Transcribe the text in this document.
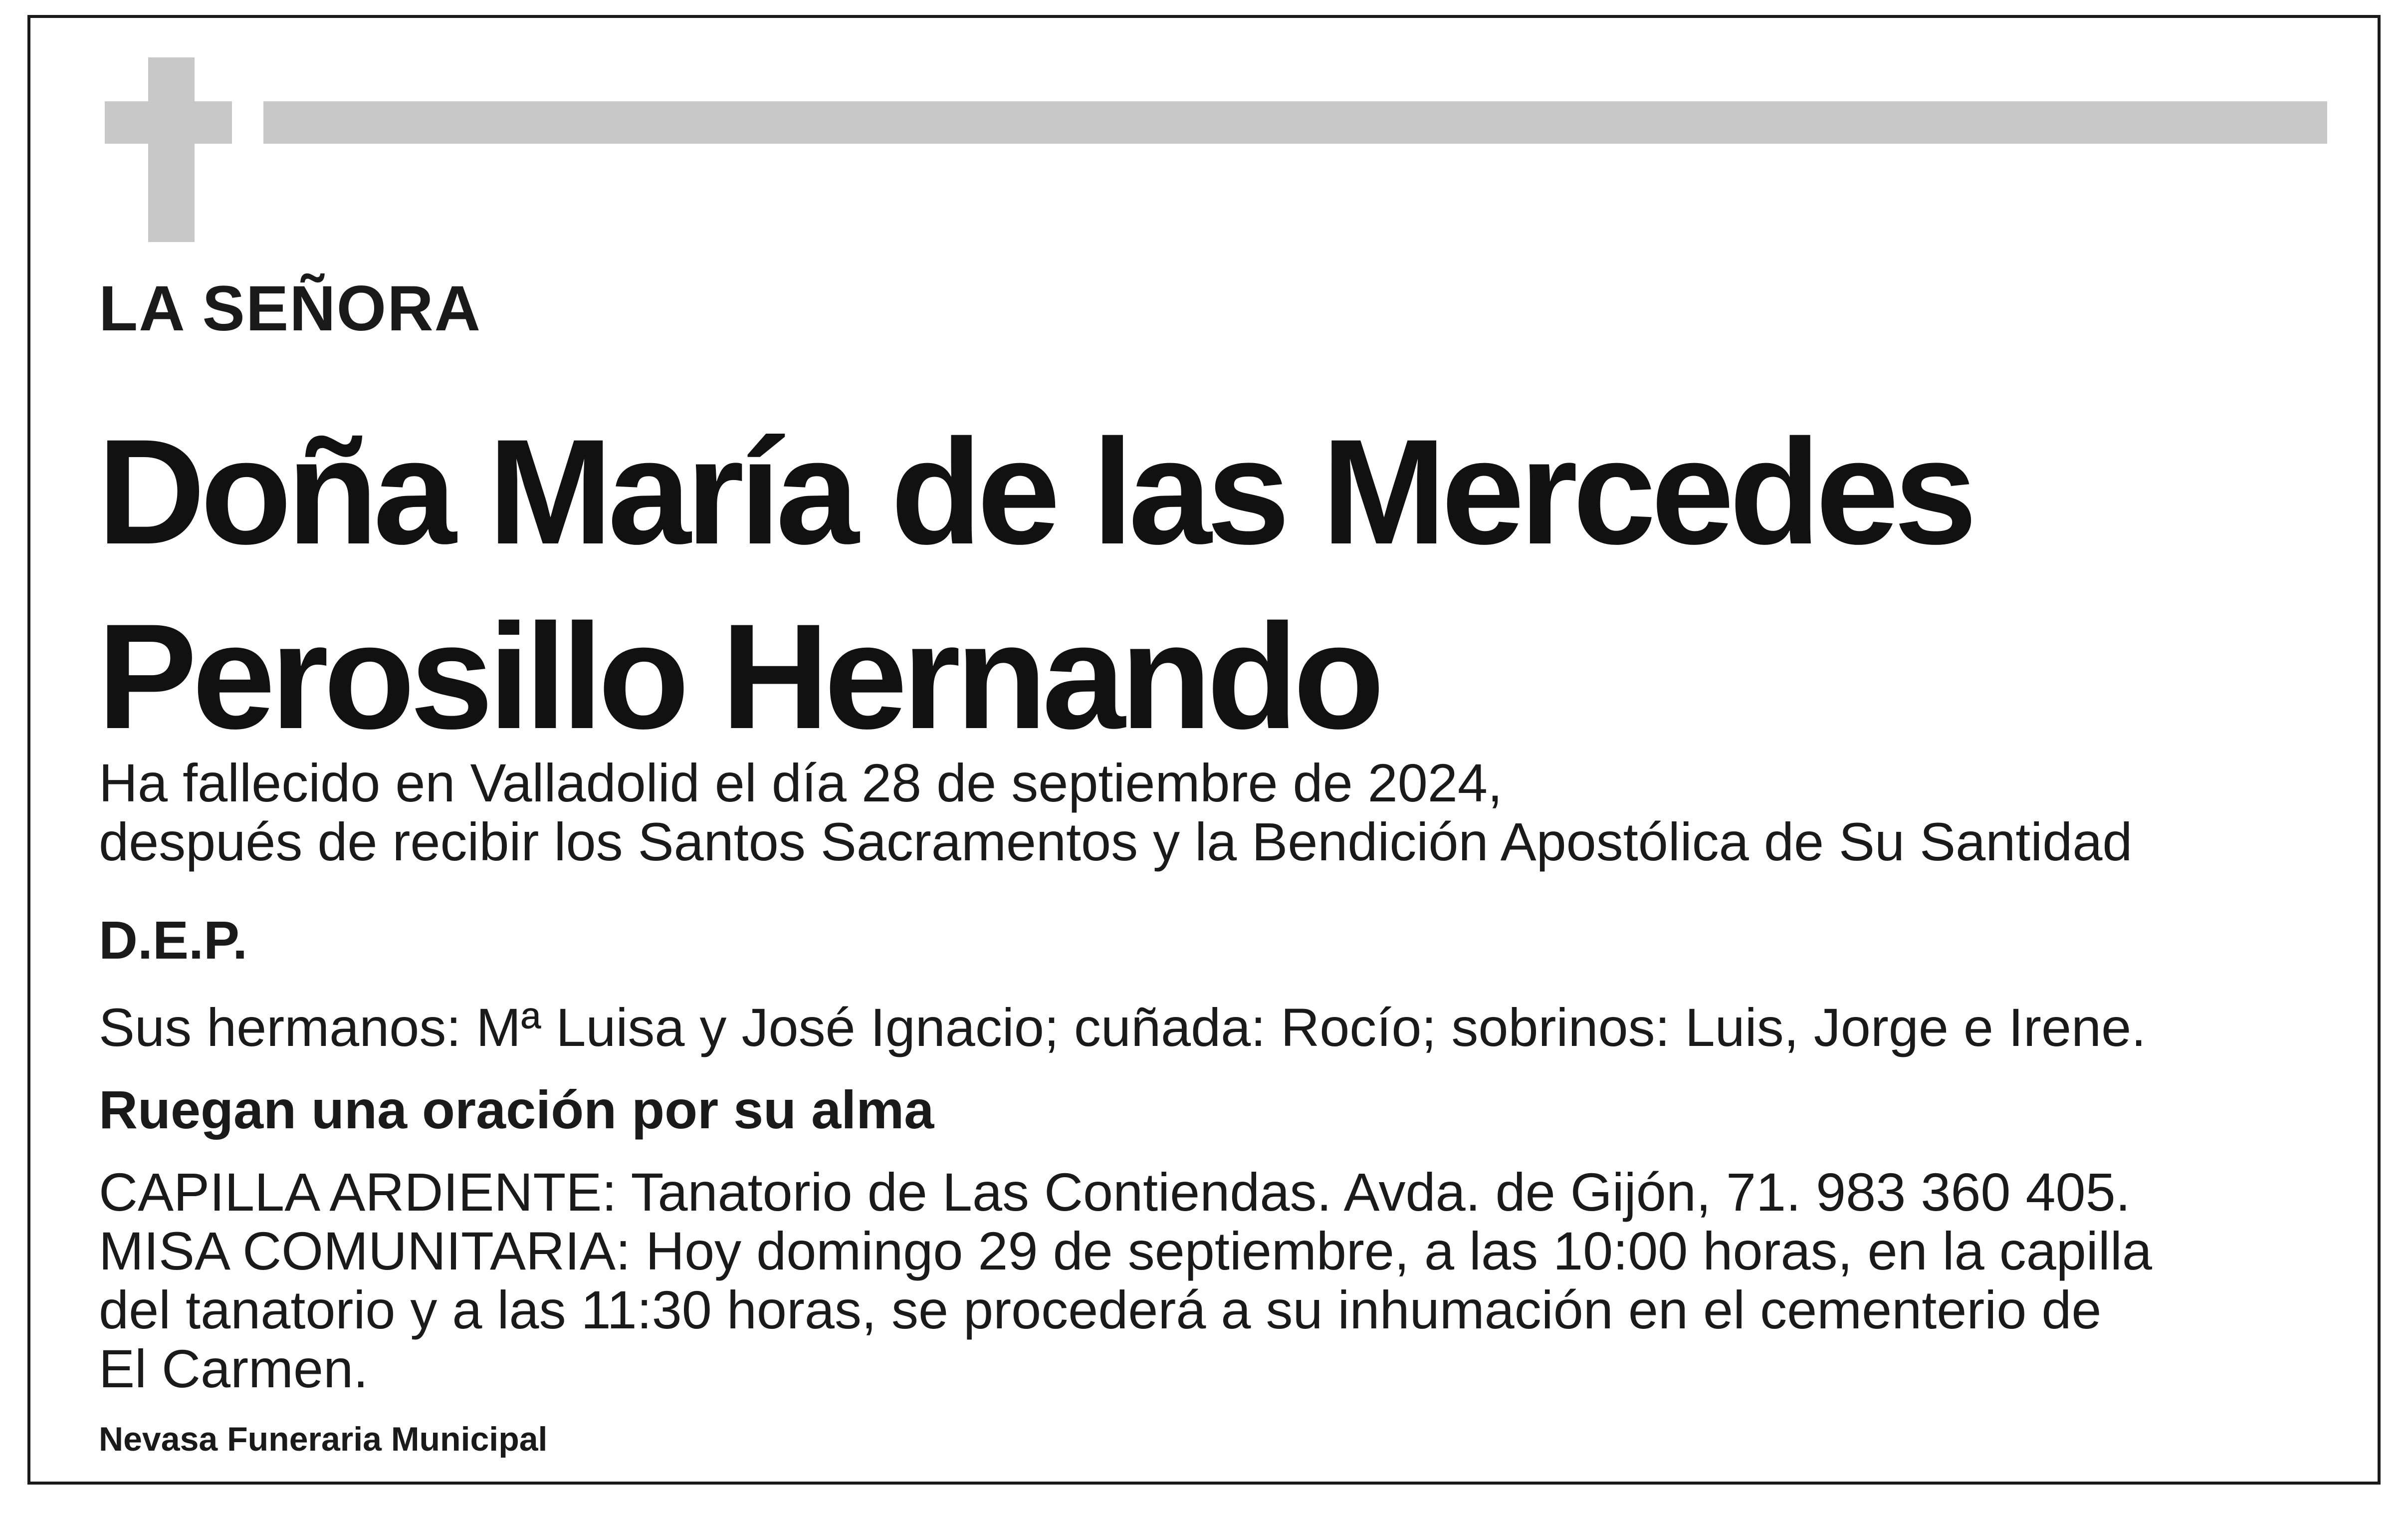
LA SEÑORA
Doña María de las Mercedes
Perosillo Hernando
Ha fallecido en Valladolid el día 28 de septiembre de 2024,
después de recibir los Santos Sacramentos y la Bendición Apostólica de Su Santidad
D.E.P.
Sus hermanos: Mª Luisa y José Ignacio; cuñada: Rocío; sobrinos: Luis, Jorge e Irene.
Ruegan una oración por su alma
CAPILLA ARDIENTE: Tanatorio de Las Contiendas. Avda. de Gijón, 71. 983 360 405.
MISA COMUNITARIA: Hoy domingo 29 de septiembre, a las 10:00 horas, en la capilla
del tanatorio y a las 11:30 horas, se procederá a su inhumación en el cementerio de
El Carmen.
Nevasa Funeraria Municipal
